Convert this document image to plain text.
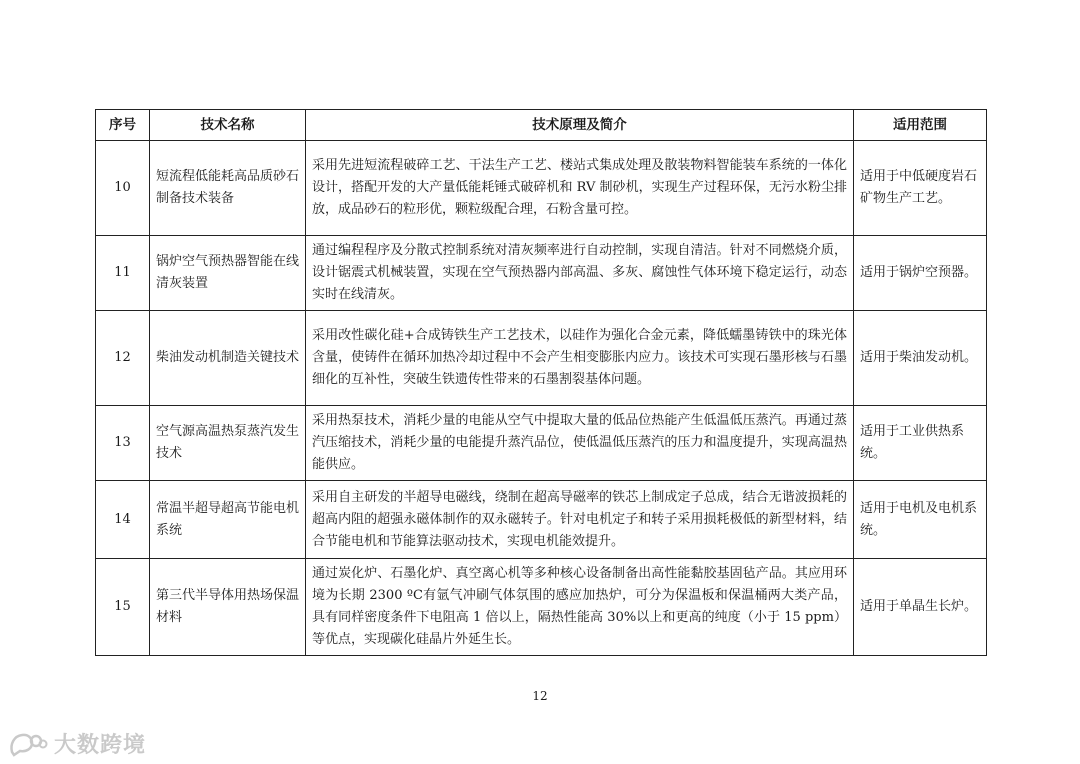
序号	技术名称	技术原理及简介	适用范围
10	短流程低能耗高品质砂石制备技术装备	采用先进短流程破碎工艺、干法生产工艺、楼站式集成处理及散装物料智能装车系统的一体化设计，搭配开发的大产量低能耗锤式破碎机和 RV 制砂机，实现生产过程环保，无污水粉尘排放，成品砂石的粒形优，颗粒级配合理，石粉含量可控。	适用于中低硬度岩石矿物生产工艺。
11	锅炉空气预热器智能在线清灰装置	通过编程程序及分散式控制系统对清灰频率进行自动控制，实现自清洁。针对不同燃烧介质，设计锯震式机械装置，实现在空气预热器内部高温、多灰、腐蚀性气体环境下稳定运行，动态实时在线清灰。	适用于锅炉空预器。
12	柴油发动机制造关键技术	采用改性碳化硅+合成铸铁生产工艺技术，以硅作为强化合金元素，降低蠕墨铸铁中的珠光体含量，使铸件在循环加热冷却过程中不会产生相变膨胀内应力。该技术可实现石墨形核与石墨细化的互补性，突破生铁遗传性带来的石墨割裂基体问题。	适用于柴油发动机。
13	空气源高温热泵蒸汽发生技术	采用热泵技术，消耗少量的电能从空气中提取大量的低品位热能产生低温低压蒸汽。再通过蒸汽压缩技术，消耗少量的电能提升蒸汽品位，使低温低压蒸汽的压力和温度提升，实现高温热能供应。	适用于工业供热系统。
14	常温半超导超高节能电机系统	采用自主研发的半超导电磁线，绕制在超高导磁率的铁芯上制成定子总成，结合无谐波损耗的超高内阻的超强永磁体制作的双永磁转子。针对电机定子和转子采用损耗极低的新型材料，结合节能电机和节能算法驱动技术，实现电机能效提升。	适用于电机及电机系统。
15	第三代半导体用热场保温材料	通过炭化炉、石墨化炉、真空离心机等多种核心设备制备出高性能黏胶基固毡产品。其应用环境为长期 2300 ºC有氩气冲刷气体氛围的感应加热炉，可分为保温板和保温桶两大类产品，具有同样密度条件下电阻高 1 倍以上，隔热性能高 30%以上和更高的纯度（小于 15 ppm）等优点，实现碳化硅晶片外延生长。	适用于单晶生长炉。
12
大数跨境
